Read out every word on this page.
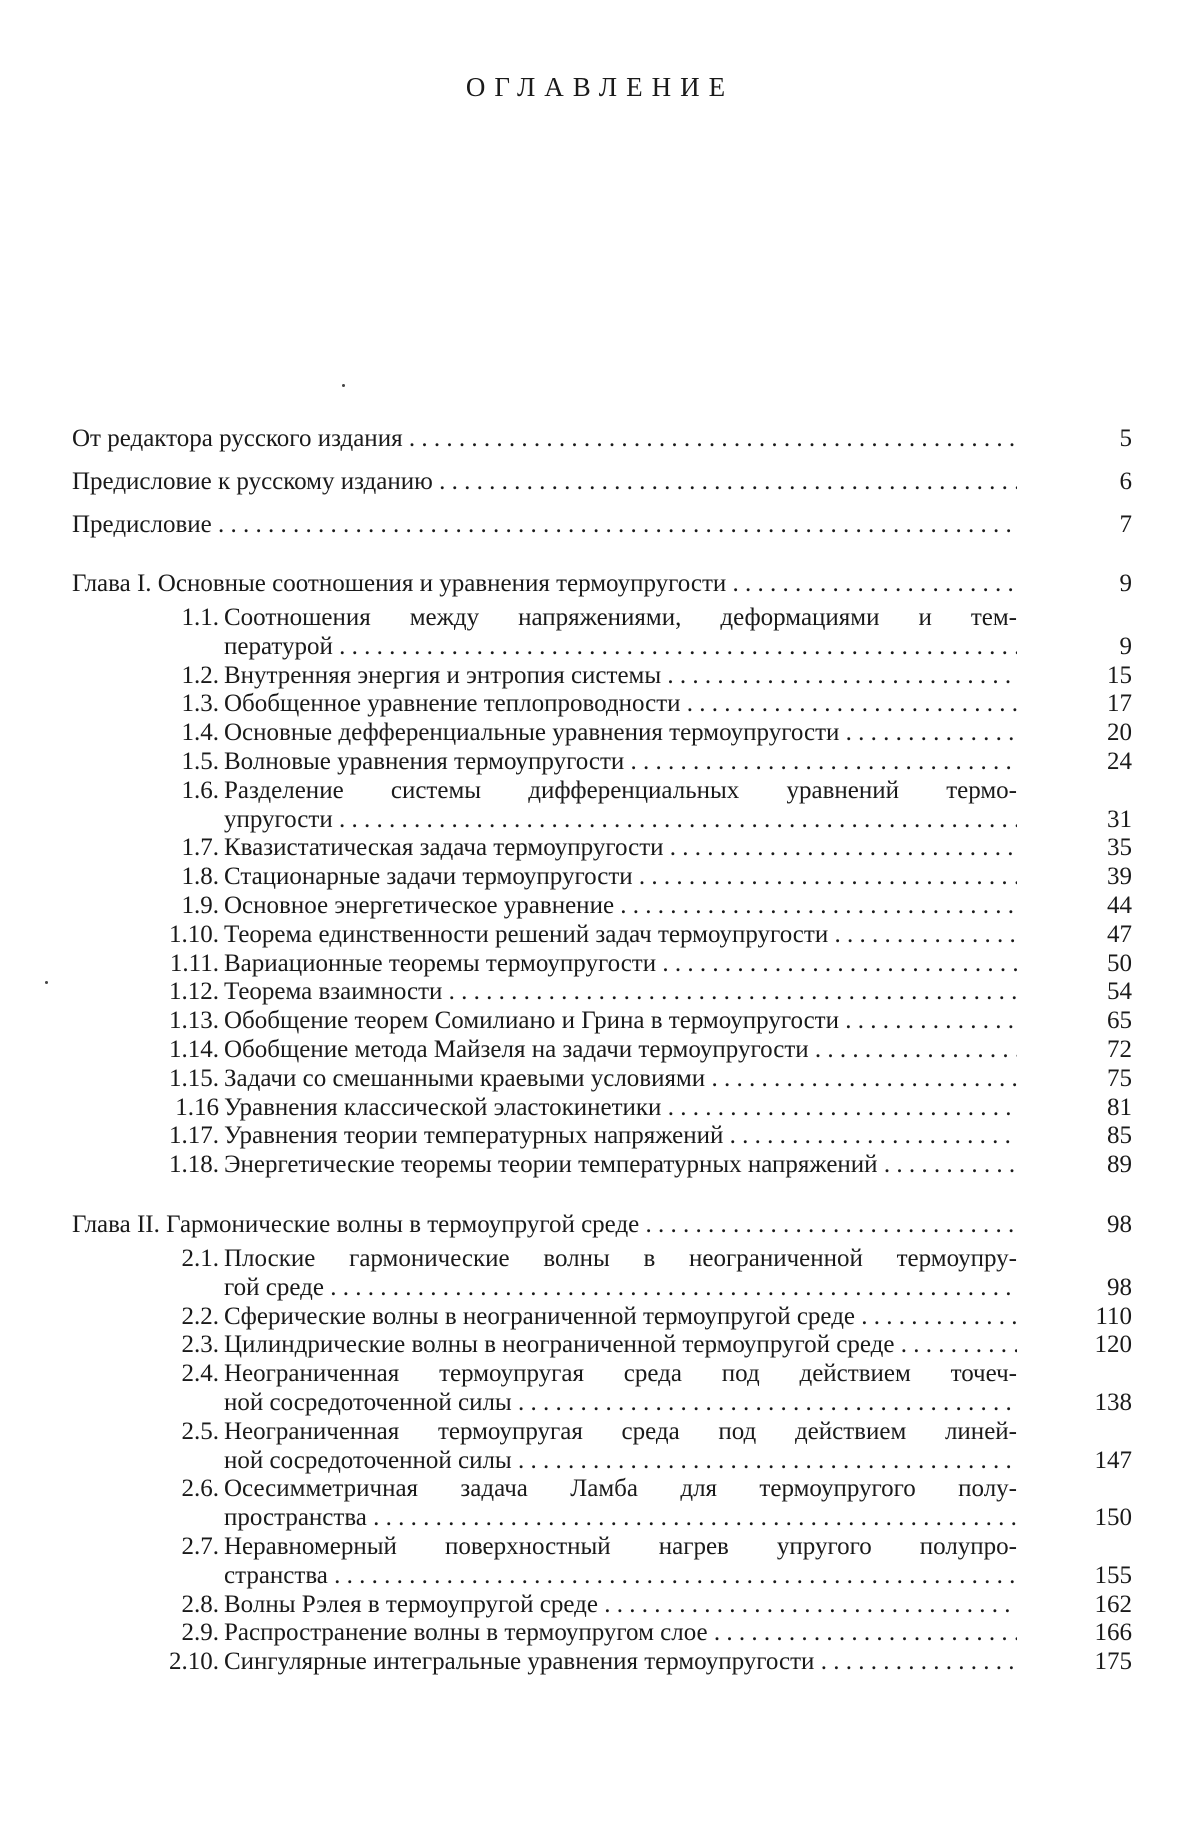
ОГЛАВЛЕНИЕ
От редактора русского издания . . .	5
Предисловие к русскому изданию . . .	6
Предисловие . . .	7
Глава I. Основные соотношения и уравнения термоупругости . . .	9
1.1. Соотношения между напряжениями, деформациями и тем-
пературой . . .	9
1.2. Внутренняя энергия и энтропия системы . . .	15
1.3. Обобщенное уравнение теплопроводности . . .	17
1.4. Основные дефференциальные уравнения термоупругости . . .	20
1.5. Волновые уравнения термоупругости . . .	24
1.6. Разделение системы дифференциальных уравнений термо-
упругости . . .	31
1.7. Квазистатическая задача термоупругости . . .	35
1.8. Стационарные задачи термоупругости . . .	39
1.9. Основное энергетическое уравнение . . .	44
1.10. Теорема единственности решений задач термоупругости . . .	47
1.11. Вариационные теоремы термоупругости . . .	50
1.12. Теорема взаимности . . .	54
1.13. Обобщение теорем Сомилиано и Грина в термоупругости . . .	65
1.14. Обобщение метода Майзеля на задачи термоупругости . . .	72
1.15. Задачи со смешанными краевыми условиями . . .	75
1.16 Уравнения классической эластокинетики . . .	81
1.17. Уравнения теории температурных напряжений . . .	85
1.18. Энергетические теоремы теории температурных напряжений . . .	89
Глава II. Гармонические волны в термоупругой среде . . .	98
2.1. Плоские гармонические волны в неограниченной термоупру-
гой среде . . .	98
2.2. Сферические волны в неограниченной термоупругой среде . . .	110
2.3. Цилиндрические волны в неограниченной термоупругой среде . . .	120
2.4. Неограниченная термоупругая среда под действием точеч-
ной сосредоточенной силы . . .	138
2.5. Неограниченная термоупругая среда под действием линей-
ной сосредоточенной силы . . .	147
2.6. Осесимметричная задача Ламба для термоупругого полу-
пространства . . .	150
2.7. Неравномерный поверхностный нагрев упругого полупро-
странства . . .	155
2.8. Волны Рэлея в термоупругой среде . . .	162
2.9. Распространение волны в термоупругом слое . . .	166
2.10. Сингулярные интегральные уравнения термоупругости . . .	175
